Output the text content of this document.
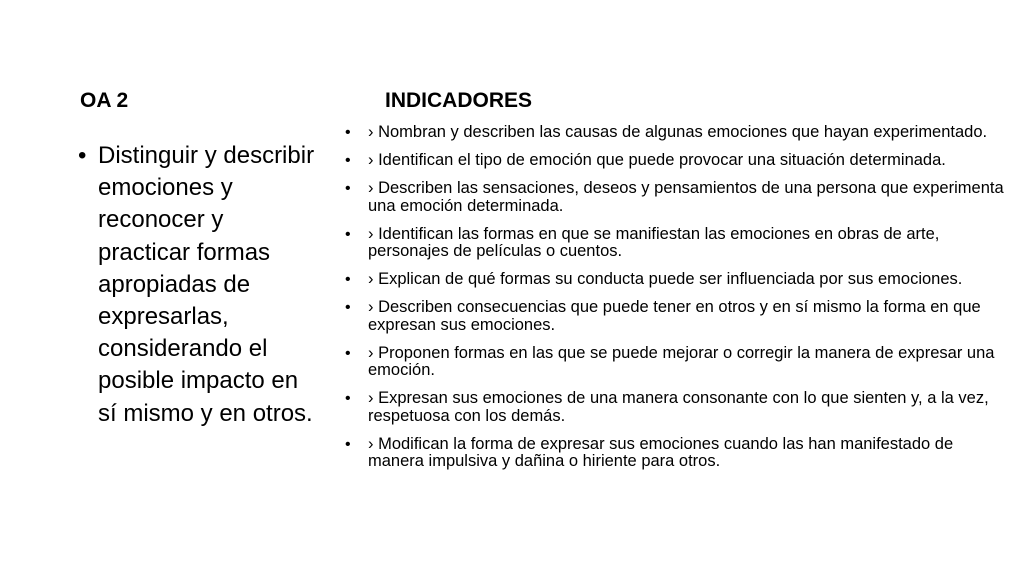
OA 2	INDICADORES
• Distinguir y describir emociones y reconocer y practicar formas apropiadas de expresarlas, considerando el posible impacto en sí mismo y en otros.
• › Nombran y describen las causas de algunas emociones que hayan experimentado.
• › Identifican el tipo de emoción que puede provocar una situación determinada.
• › Describen las sensaciones, deseos y pensamientos de una persona que experimenta una emoción determinada.
• › Identifican las formas en que se manifiestan las emociones en obras de arte, personajes de películas o cuentos.
• › Explican de qué formas su conducta puede ser influenciada por sus emociones.
• › Describen consecuencias que puede tener en otros y en sí mismo la forma en que expresan sus emociones.
• › Proponen formas en las que se puede mejorar o corregir la manera de expresar una emoción.
• › Expresan sus emociones de una manera consonante con lo que sienten y, a la vez, respetuosa con los demás.
• › Modifican la forma de expresar sus emociones cuando las han manifestado de manera impulsiva y dañina o hiriente para otros.
